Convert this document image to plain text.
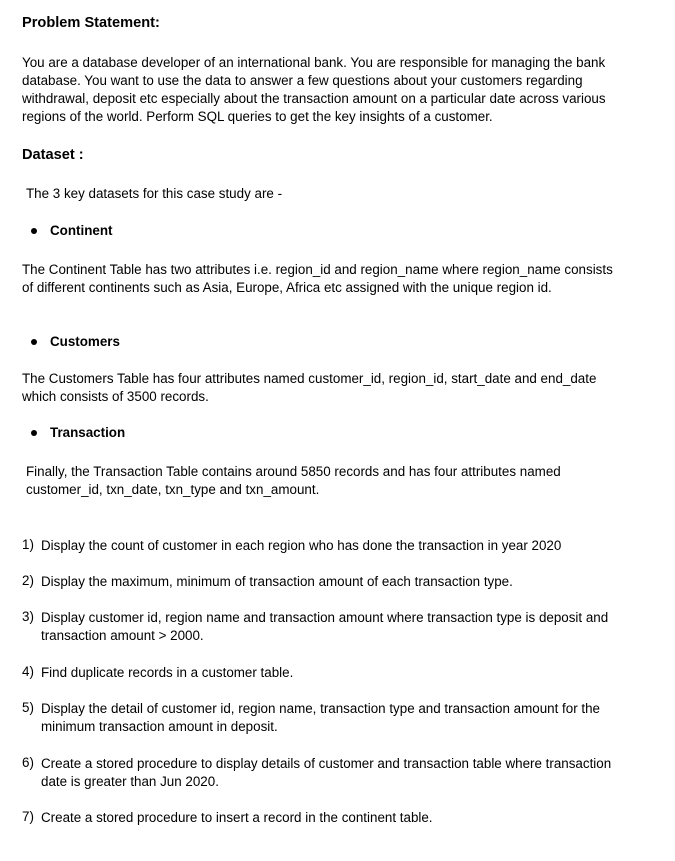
Problem Statement:
You are a database developer of an international bank. You are responsible for managing the bank
database. You want to use the data to answer a few questions about your customers regarding
withdrawal, deposit etc especially about the transaction amount on a particular date across various
regions of the world. Perform SQL queries to get the key insights of a customer.
Dataset :
The 3 key datasets for this case study are -
Continent
The Continent Table has two attributes i.e. region_id and region_name where region_name consists
of different continents such as Asia, Europe, Africa etc assigned with the unique region id.
Customers
The Customers Table has four attributes named customer_id, region_id, start_date and end_date
which consists of 3500 records.
Transaction
Finally, the Transaction Table contains around 5850 records and has four attributes named
customer_id, txn_date, txn_type and txn_amount.
1) Display the count of customer in each region who has done the transaction in year 2020
2) Display the maximum, minimum of transaction amount of each transaction type.
3) Display customer id, region name and transaction amount where transaction type is deposit and
transaction amount > 2000.
4) Find duplicate records in a customer table.
5) Display the detail of customer id, region name, transaction type and transaction amount for the
minimum transaction amount in deposit.
6) Create a stored procedure to display details of customer and transaction table where transaction
date is greater than Jun 2020.
7) Create a stored procedure to insert a record in the continent table.
